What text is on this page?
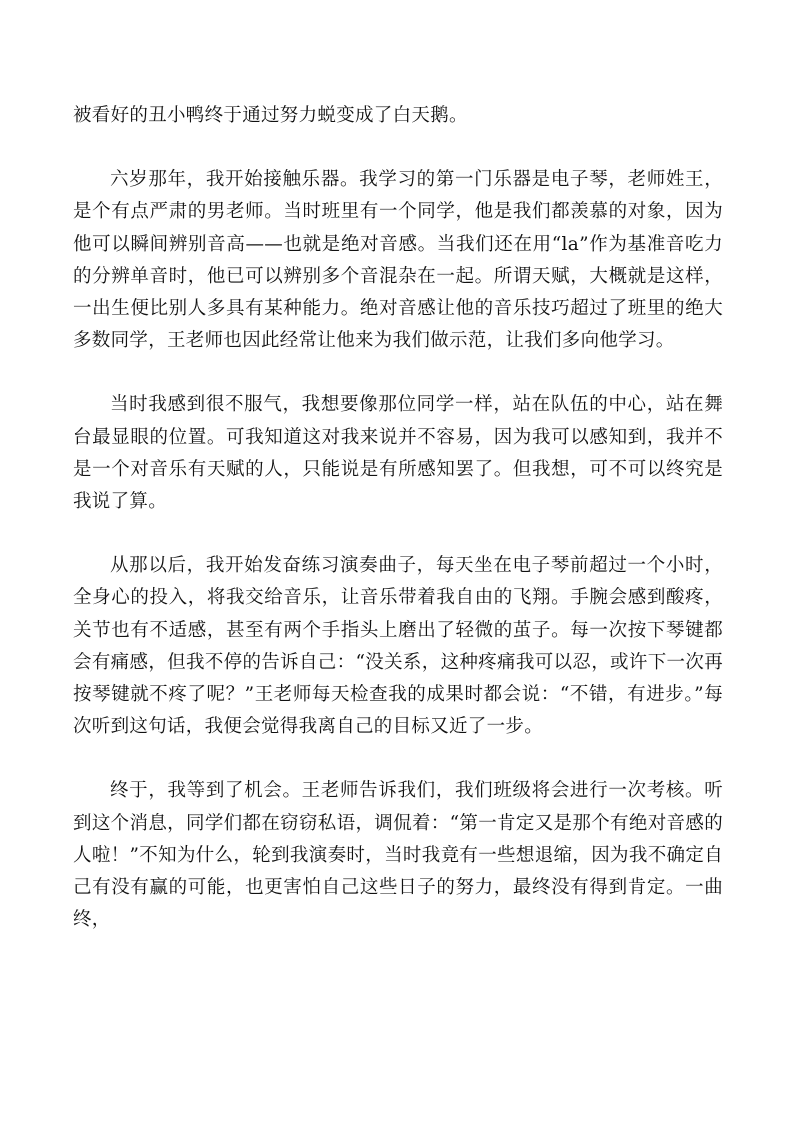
被看好的丑小鸭终于通过努力蜕变成了白天鹅。

六岁那年，我开始接触乐器。我学习的第一门乐器是电子琴，老师姓王，是个有点严肃的男老师。当时班里有一个同学，他是我们都羡慕的对象，因为他可以瞬间辨别音高——也就是绝对音感。当我们还在用“la”作为基准音吃力的分辨单音时，他已可以辨别多个音混杂在一起。所谓天赋，大概就是这样，一出生便比别人多具有某种能力。绝对音感让他的音乐技巧超过了班里的绝大多数同学，王老师也因此经常让他来为我们做示范，让我们多向他学习。

当时我感到很不服气，我想要像那位同学一样，站在队伍的中心，站在舞台最显眼的位置。可我知道这对我来说并不容易，因为我可以感知到，我并不是一个对音乐有天赋的人，只能说是有所感知罢了。但我想，可不可以终究是我说了算。

从那以后，我开始发奋练习演奏曲子，每天坐在电子琴前超过一个小时，全身心的投入，将我交给音乐，让音乐带着我自由的飞翔。手腕会感到酸疼，关节也有不适感，甚至有两个手指头上磨出了轻微的茧子。每一次按下琴键都会有痛感，但我不停的告诉自己：“没关系，这种疼痛我可以忍，或许下一次再按琴键就不疼了呢？”王老师每天检查我的成果时都会说：“不错，有进步。”每次听到这句话，我便会觉得我离自己的目标又近了一步。

终于，我等到了机会。王老师告诉我们，我们班级将会进行一次考核。听到这个消息，同学们都在窃窃私语，调侃着：“第一肯定又是那个有绝对音感的人啦！”不知为什么，轮到我演奏时，当时我竟有一些想退缩，因为我不确定自己有没有赢的可能，也更害怕自己这些日子的努力，最终没有得到肯定。一曲终，
